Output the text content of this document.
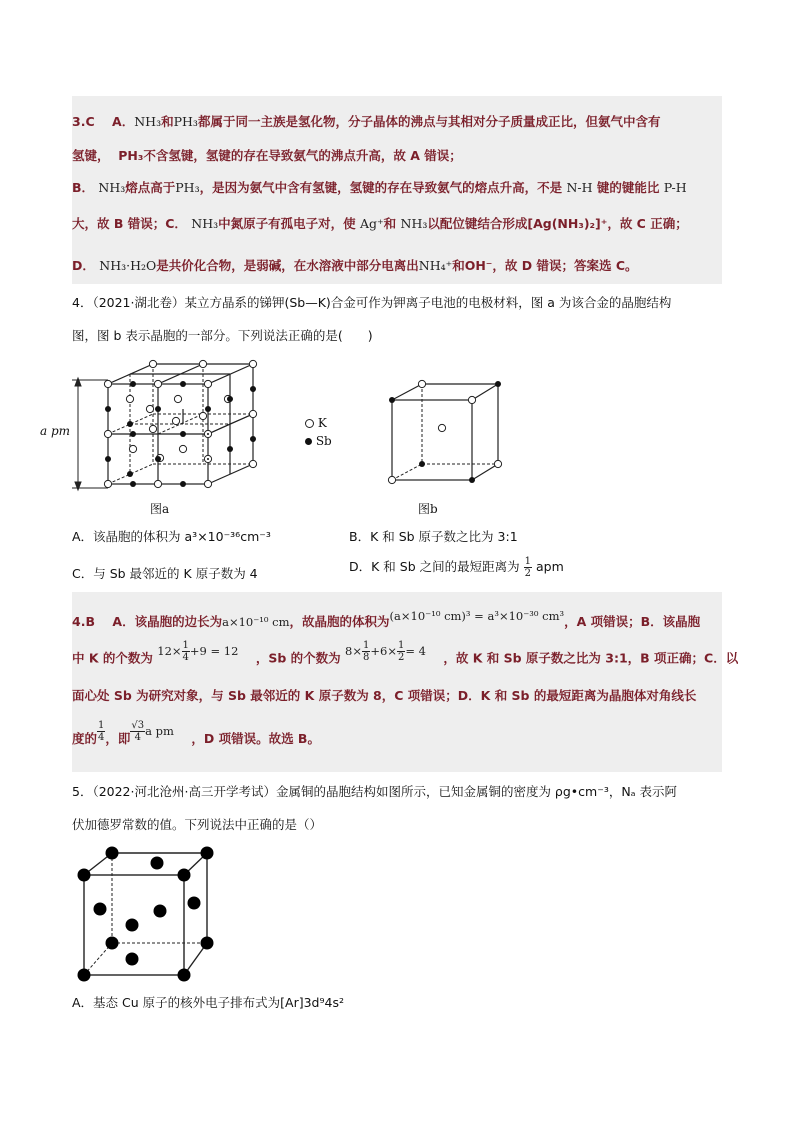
3.C A．NH₃和PH₃都属于同一主族是氢化物，分子晶体的沸点与其相对分子质量成正比，但氨气中含有
氢键， PH₃不含氢键，氢键的存在导致氨气的沸点升高，故 A 错误；
B． NH₃熔点高于PH₃，是因为氨气中含有氢键，氢键的存在导致氨气的熔点升高，不是 N-H 键的键能比 P-H
大，故 B 错误；C． NH₃中氮原子有孤电子对，使 Ag⁺和 NH₃以配位键结合形成[Ag(NH₃)₂]⁺，故 C 正确；
D． NH₃·H₂O是共价化合物，是弱碱，在水溶液中部分电离出NH₄⁺和OH⁻，故 D 错误；答案选 C。
4．（2021·湖北卷）某立方晶系的锑钾(Sb—K)合金可作为钾离子电池的电极材料，图 a 为该合金的晶胞结构
图，图 b 表示晶胞的一部分。下列说法正确的是(　　)
a pm
图a
K
Sb
图b
A．该晶胞的体积为 a³×10⁻³⁶cm⁻³	B．K 和 Sb 原子数之比为 3:1
C．与 Sb 最邻近的 K 原子数为 4	D．K 和 Sb 之间的最短距离为 $\frac{1}{2}$ apm
4.B A．该晶胞的边长为a×10⁻¹⁰ cm，故晶胞的体积为(a×10⁻¹⁰ cm)³ = a³×10⁻³⁰ cm³，A 项错误；B．该晶胞
中 K 的个数为 $12\times \frac{1}{4} +9 = 12$ ，Sb 的个数为 $8\times \frac{1}{8} +6\times \frac{1}{2} = 4$ ，故 K 和 Sb 原子数之比为 3:1，B 项正确；C．以
面心处 Sb 为研究对象，与 Sb 最邻近的 K 原子数为 8，C 项错误；D．K 和 Sb 的最短距离为晶胞体对角线长
度的 $\frac{1}{4}$ ，即 $\frac{√3}{4}$ a pm ，D 项错误。故选 B。
5．（2022·河北沧州·高三开学考试）金属铜的晶胞结构如图所示，已知金属铜的密度为 ρg•cm⁻³，Nₐ 表示阿
伏加德罗常数的值。下列说法中正确的是（）
A．基态 Cu 原子的核外电子排布式为[Ar]3d⁹4s²
